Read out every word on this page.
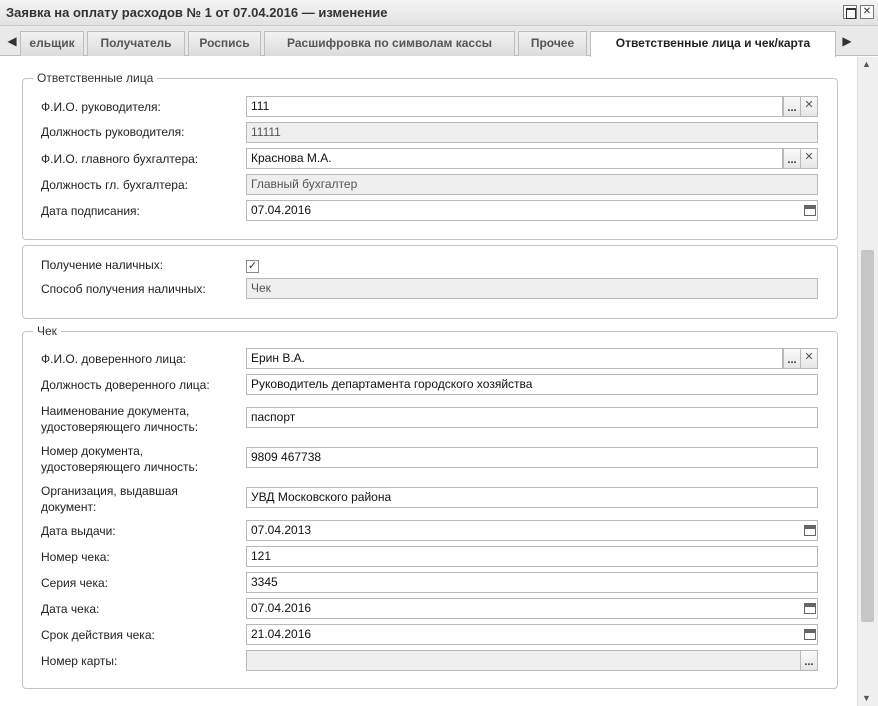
Заявка на оплату расходов № 1 от 07.04.2016 — изменение	✕
◀	ельщик	Получатель	Роспись	Расшифровка по символам кассы	Прочее	Ответственные лица и чек/карта	▶
Ответственные лица
Ф.И.О. руководителя:	111	... ✕
Должность руководителя:	11111
Ф.И.О. главного бухгалтера:	Краснова М.А.	... ✕
Должность гл. бухгалтера:	Главный бухгалтер
Дата подписания:	07.04.2016
Получение наличных:	✓
Способ получения наличных:	Чек
Чек
Ф.И.О. доверенного лица:	Ерин В.А.	... ✕
Должность доверенного лица:	Руководитель департамента городского хозяйства
Наименование документа,
удостоверяющего личность:
паспорт
Номер документа,
удостоверяющего личность:
9809 467738
Организация, выдавшая
документ:
УВД Московского района
Дата выдачи:	07.04.2013
Номер чека:	121
Серия чека:	3345
Дата чека:	07.04.2016
Срок действия чека:	21.04.2016
Номер карты:	...
▲
▼
